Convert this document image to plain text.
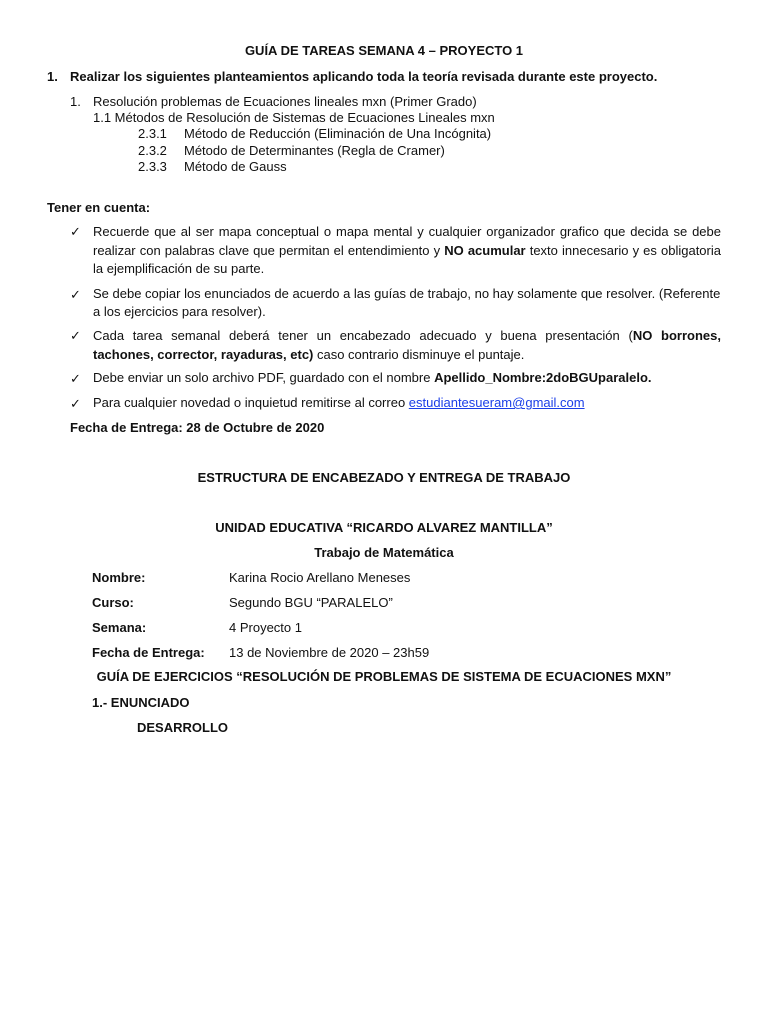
GUÍA DE TAREAS SEMANA 4 – PROYECTO 1
1. Realizar los siguientes planteamientos aplicando toda la teoría revisada durante este proyecto.
1. Resolución problemas de Ecuaciones lineales mxn (Primer Grado)
1.1 Métodos de Resolución de Sistemas de Ecuaciones Lineales mxn
2.3.1 Método de Reducción (Eliminación de Una Incógnita)
2.3.2 Método de Determinantes (Regla de Cramer)
2.3.3 Método de Gauss
Tener en cuenta:
✓ Recuerde que al ser mapa conceptual o mapa mental y cualquier organizador grafico que decida se debe realizar con palabras clave que permitan el entendimiento y NO acumular texto innecesario y es obligatoria la ejemplificación de su parte.
✓ Se debe copiar los enunciados de acuerdo a las guías de trabajo, no hay solamente que resolver. (Referente
a los ejercicios para resolver).
✓ Cada tarea semanal deberá tener un encabezado adecuado y buena presentación (NO borrones, tachones, corrector, rayaduras, etc) caso contrario disminuye el puntaje.
✓ Debe enviar un solo archivo PDF, guardado con el nombre Apellido_Nombre:2doBGUparalelo.
✓ Para cualquier novedad o inquietud remitirse al correo estudiantesueram@gmail.com
Fecha de Entrega: 28 de Octubre de 2020
ESTRUCTURA DE ENCABEZADO Y ENTREGA DE TRABAJO
UNIDAD EDUCATIVA “RICARDO ALVAREZ MANTILLA”
Trabajo de Matemática
Nombre:	Karina Rocio Arellano Meneses
Curso:	Segundo BGU “PARALELO”
Semana:	4 Proyecto 1
Fecha de Entrega: 13 de Noviembre de 2020 – 23h59
GUÍA DE EJERCICIOS “RESOLUCIÓN DE PROBLEMAS DE SISTEMA DE ECUACIONES MXN”
1.- ENUNCIADO
DESARROLLO
